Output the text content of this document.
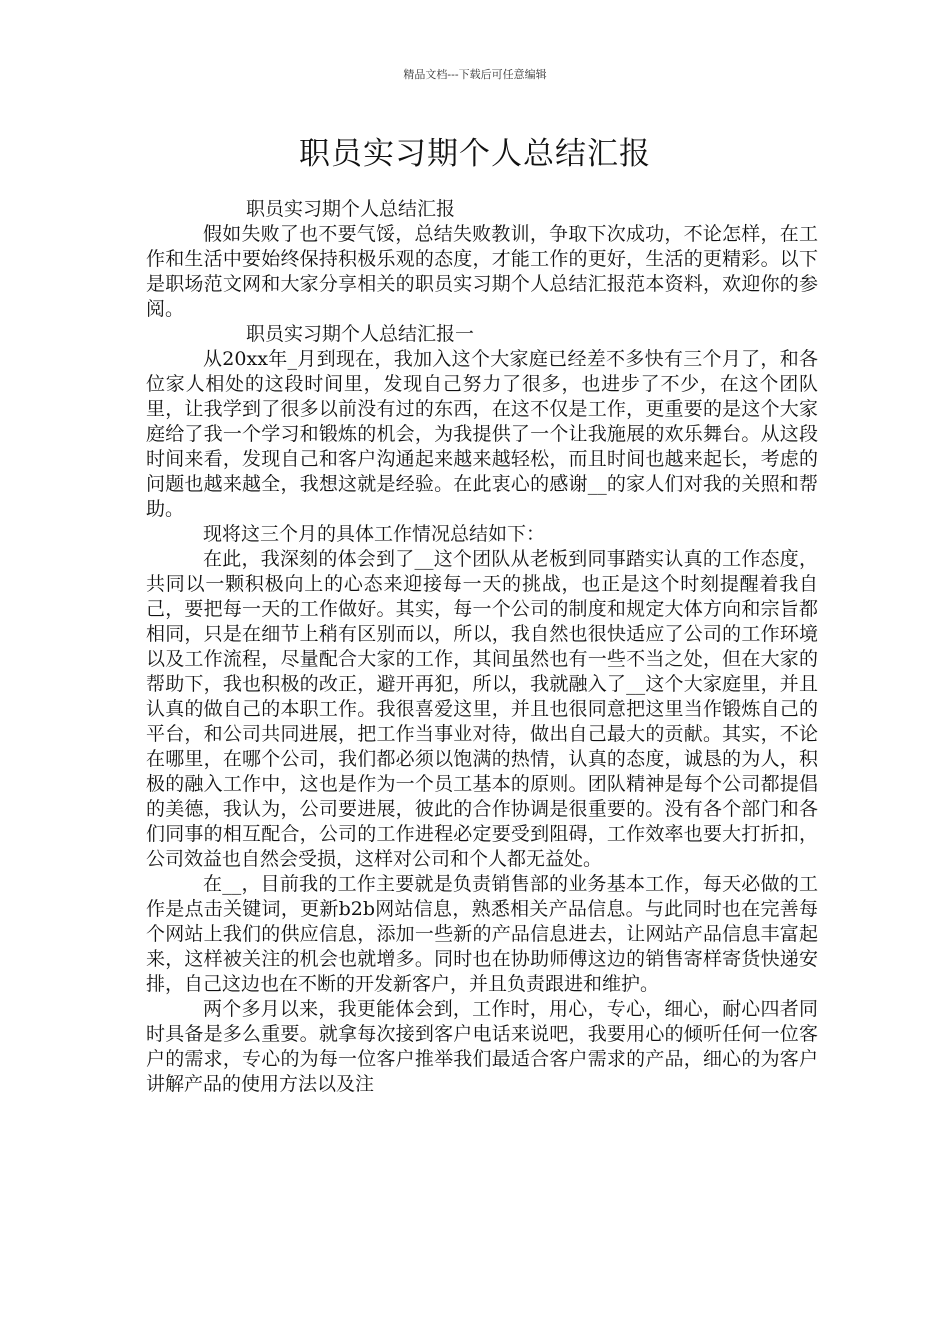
精品文档---下载后可任意编辑
职员实习期个人总结汇报

职员实习期个人总结汇报

假如失败了也不要气馁，总结失败教训，争取下次成功，不论怎样，在工作和生活中要始终保持积极乐观的态度，才能工作的更好，生活的更精彩。以下是职场范文网和大家分享相关的职员实习期个人总结汇报范本资料，欢迎你的参阅。

职员实习期个人总结汇报一

从20xx年_月到现在，我加入这个大家庭已经差不多快有三个月了，和各位家人相处的这段时间里，发现自己努力了很多，也进步了不少，在这个团队里，让我学到了很多以前没有过的东西，在这不仅是工作，更重要的是这个大家庭给了我一个学习和锻炼的机会，为我提供了一个让我施展的欢乐舞台。从这段时间来看，发现自己和客户沟通起来越来越轻松，而且时间也越来起长，考虑的问题也越来越全，我想这就是经验。在此衷心的感谢__的家人们对我的关照和帮助。

现将这三个月的具体工作情况总结如下：

在此，我深刻的体会到了__这个团队从老板到同事踏实认真的工作态度，共同以一颗积极向上的心态来迎接每一天的挑战，也正是这个时刻提醒着我自己，要把每一天的工作做好。其实，每一个公司的制度和规定大体方向和宗旨都相同，只是在细节上稍有区别而以，所以，我自然也很快适应了公司的工作环境以及工作流程，尽量配合大家的工作，其间虽然也有一些不当之处，但在大家的帮助下，我也积极的改正，避开再犯，所以，我就融入了__这个大家庭里，并且认真的做自己的本职工作。我很喜爱这里，并且也很同意把这里当作锻炼自己的平台，和公司共同进展，把工作当事业对待，做出自己最大的贡献。其实，不论在哪里，在哪个公司，我们都必须以饱满的热情，认真的态度，诚恳的为人，积极的融入工作中，这也是作为一个员工基本的原则。团队精神是每个公司都提倡的美德，我认为，公司要进展，彼此的合作协调是很重要的。没有各个部门和各们同事的相互配合，公司的工作进程必定要受到阻碍，工作效率也要大打折扣，公司效益也自然会受损，这样对公司和个人都无益处。

在__，目前我的工作主要就是负责销售部的业务基本工作，每天必做的工作是点击关键词，更新b2b网站信息，熟悉相关产品信息。与此同时也在完善每个网站上我们的供应信息，添加一些新的产品信息进去，让网站产品信息丰富起来，这样被关注的机会也就增多。同时也在协助师傅这边的销售寄样寄货快递安排，自己这边也在不断的开发新客户，并且负责跟进和维护。

两个多月以来，我更能体会到，工作时，用心，专心，细心，耐心四者同时具备是多么重要。就拿每次接到客户电话来说吧，我要用心的倾听任何一位客户的需求，专心的为每一位客户推举我们最适合客户需求的产品，细心的为客户讲解产品的使用方法以及注
